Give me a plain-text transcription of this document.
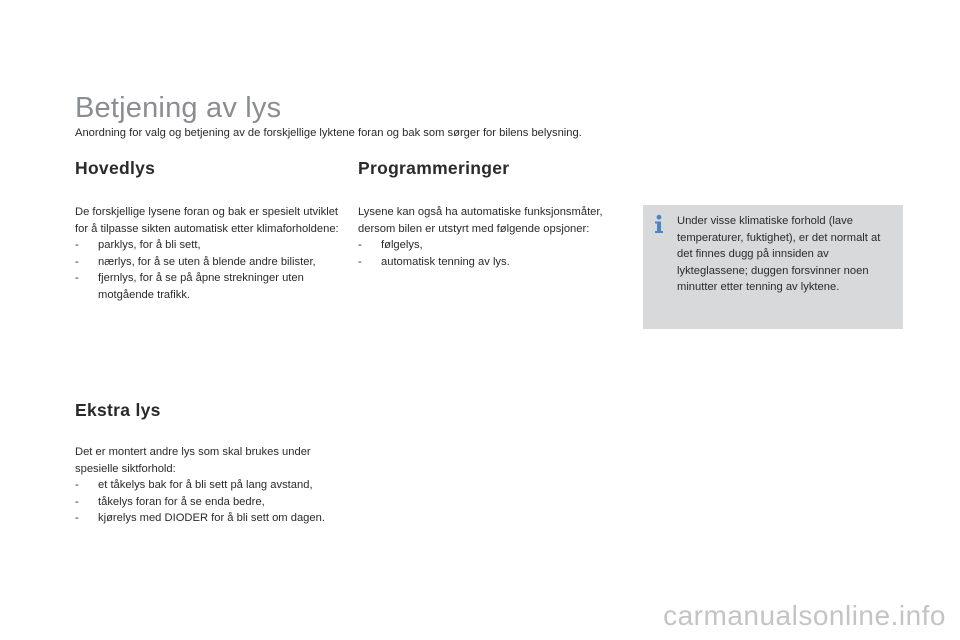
Betjening av lys

Anordning for valg og betjening av de forskjellige lyktene foran og bak som sørger for bilens belysning.

Hovedlys

De forskjellige lysene foran og bak er spesielt utviklet for å tilpasse sikten automatisk etter klimaforholdene:

- parklys, for å bli sett,
- nærlys, for å se uten å blende andre bilister,
- fjernlys, for å se på åpne strekninger uten motgående trafikk.
Ekstra lys

Det er montert andre lys som skal brukes under spesielle siktforhold:

- et tåkelys bak for å bli sett på lang avstand,
- tåkelys foran for å se enda bedre,
- kjørelys med DIODER for å bli sett om dagen.
Programmeringer

Lysene kan også ha automatiske funksjonsmåter, dersom bilen er utstyrt med følgende opsjoner:

- følgelys,
- automatisk tenning av lys.
Under visse klimatiske forhold (lave temperaturer, fuktighet), er det normalt at det finnes dugg på innsiden av lykteglassene; duggen forsvinner noen minutter etter tenning av lyktene.
carmanualsonline.info
